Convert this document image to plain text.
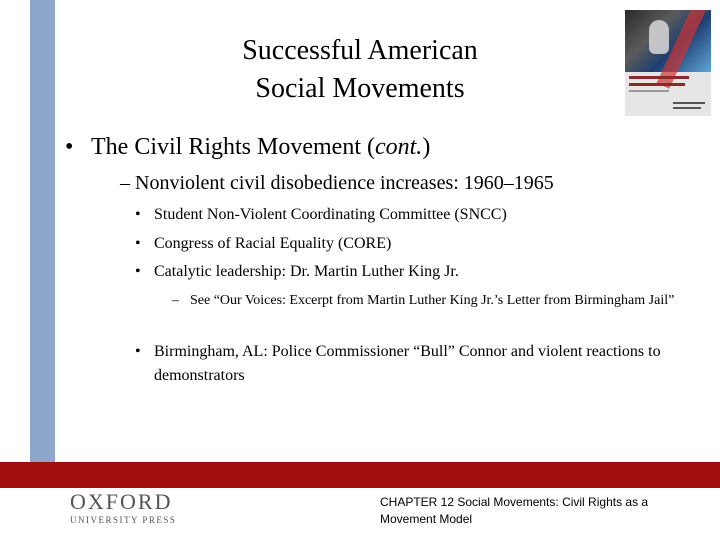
Successful American
Social Movements
• The Civil Rights Movement (cont.)
– Nonviolent civil disobedience increases: 1960–1965
• Student Non-Violent Coordinating Committee (SNCC)
• Congress of Racial Equality (CORE)
• Catalytic leadership: Dr. Martin Luther King Jr.
– See “Our Voices: Excerpt from Martin Luther King Jr.’s Letter from Birmingham Jail”
• Birmingham, AL: Police Commissioner “Bull” Connor and violent reactions to demonstrators
OXFORD
UNIVERSITY PRESS
CHAPTER 12 Social Movements: Civil Rights as a Movement Model
